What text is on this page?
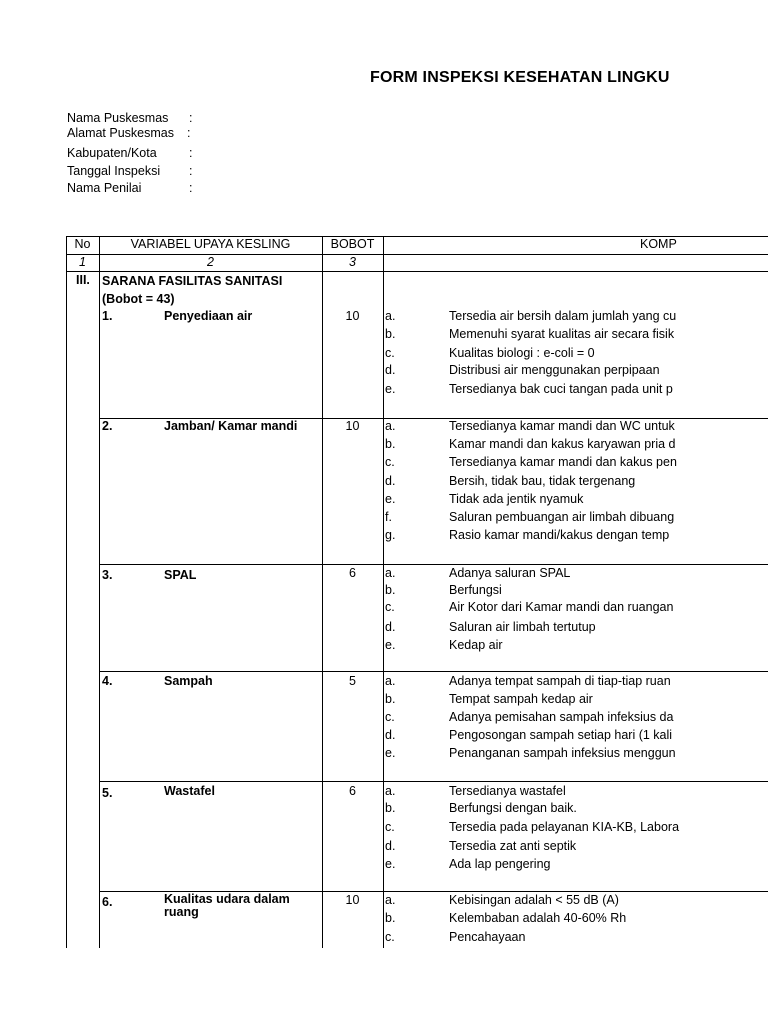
FORM INSPEKSI KESEHATAN LINGKU
Nama Puskesmas :
Alamat Puskesmas :
Kabupaten/Kota	:
Tanggal Inspeksi :
Nama Penilai	:
No	VARIABEL UPAYA KESLING	BOBOT	KOMP
1	2	3
III. SARANA FASILITAS SANITASI
(Bobot = 43)
1.	Penyediaan air	10	a.	Tersedia air bersih dalam jumlah yang cu
b.	Memenuhi syarat kualitas air secara fisik
c.	Kualitas biologi : e-coli = 0
d.	Distribusi air menggunakan perpipaan
e.	Tersedianya bak cuci tangan pada unit p
2.	Jamban/ Kamar mandi	10	a.	Tersedianya kamar mandi dan WC untuk
b.	Kamar mandi dan kakus karyawan pria d
c.	Tersedianya kamar mandi dan kakus pen
d.	Bersih, tidak bau, tidak tergenang
e.	Tidak ada jentik nyamuk
f.	Saluran pembuangan air limbah dibuang
g.	Rasio kamar mandi/kakus dengan temp
3.	SPAL	6	a.	Adanya saluran SPAL
b.	Berfungsi
c.	Air Kotor dari Kamar mandi dan ruangan
d.	Saluran air limbah tertutup
e.	Kedap air
4.	Sampah	5	a.	Adanya tempat sampah di tiap-tiap ruan
b.	Tempat sampah kedap air
c.	Adanya pemisahan sampah infeksius da
d.	Pengosongan sampah setiap hari (1 kali
e.	Penanganan sampah infeksius menggun
5.	Wastafel	6	a.	Tersedianya wastafel
b.	Berfungsi dengan baik.
c.	Tersedia pada pelayanan KIA-KB, Labora
d.	Tersedia zat anti septik
e.	Ada lap pengering
6.	Kualitas udara dalam
ruang
10	a.	Kebisingan adalah < 55 dB (A)
b.	Kelembaban adalah 40-60% Rh
c.	Pencahayaan
